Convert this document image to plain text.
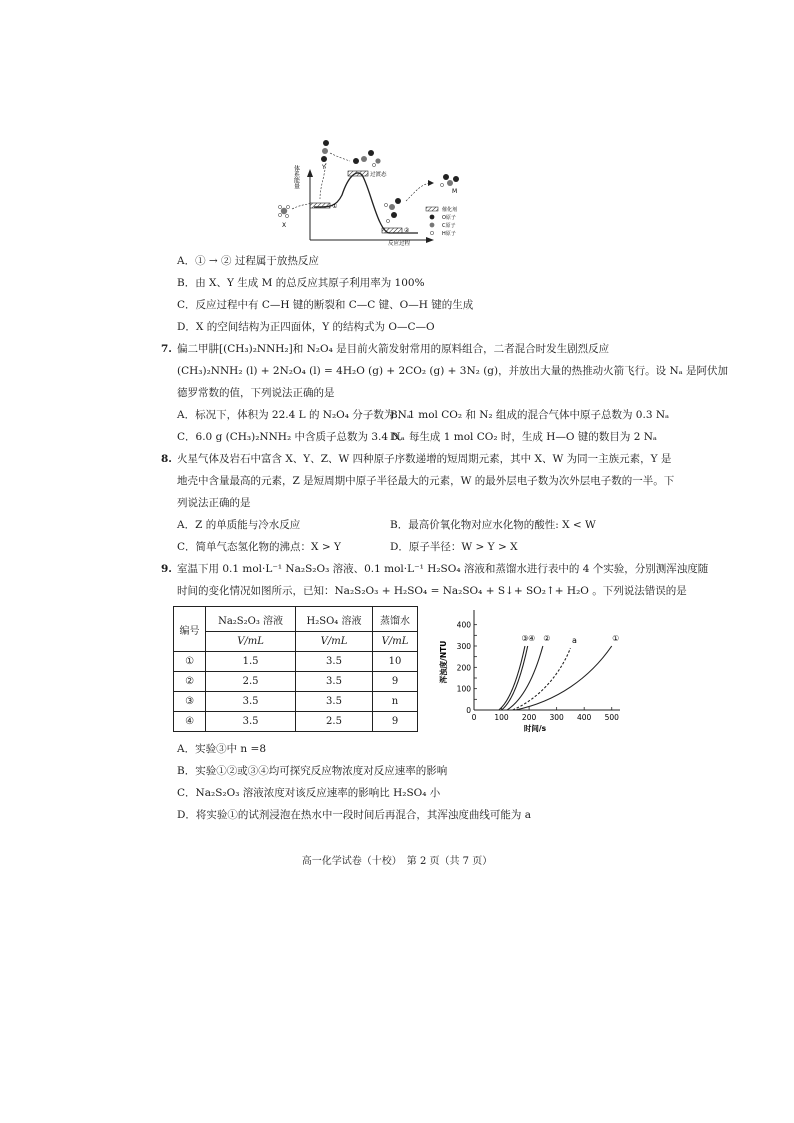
体系能量
反应过程
①
②
过渡态
X
Y
M
催化剂
O原子
C原子
H原子
A．① → ② 过程属于放热反应
B．由 X、Y 生成 M 的总反应其原子利用率为 100%
C．反应过程中有 C—H 键的断裂和 C—C 键、O—H 键的生成
D．X 的空间结构为正四面体，Y 的结构式为 O—C—O
7. 偏二甲肼[(CH₃)₂NNH₂]和 N₂O₄ 是目前火箭发射常用的原料组合，二者混合时发生剧烈反应
(CH₃)₂NNH₂ (l) + 2N₂O₄ (l) = 4H₂O (g) + 2CO₂ (g) + 3N₂ (g)，并放出大量的热推动火箭飞行。设 Nₐ 是阿伏加
德罗常数的值，下列说法正确的是
A．标况下，体积为 22.4 L 的 N₂O₄ 分子数为 Nₐ
B．1 mol CO₂ 和 N₂ 组成的混合气体中原子总数为 0.3 Nₐ
C．6.0 g (CH₃)₂NNH₂ 中含质子总数为 3.4 Nₐ
D．每生成 1 mol CO₂ 时，生成 H—O 键的数目为 2 Nₐ
8. 火星气体及岩石中富含 X、Y、Z、W 四种原子序数递增的短周期元素，其中 X、W 为同一主族元素，Y 是
地壳中含量最高的元素，Z 是短周期中原子半径最大的元素，W 的最外层电子数为次外层电子数的一半。下
列说法正确的是
A．Z 的单质能与冷水反应	B．最高价氧化物对应水化物的酸性: X < W
C．简单气态氢化物的沸点：X > Y	D．原子半径：W > Y > X
9. 室温下用 0.1 mol·L⁻¹ Na₂S₂O₃ 溶液、0.1 mol·L⁻¹ H₂SO₄ 溶液和蒸馏水进行表中的 4 个实验，分别测浑浊度随
时间的变化情况如图所示，已知：Na₂S₂O₃ + H₂SO₄ = Na₂SO₄ + S↓+ SO₂↑+ H₂O 。下列说法错误的是
编号	Na₂S₂O₃ 溶液	H₂SO₄ 溶液	蒸馏水
	V/mL	V/mL	V/mL
①	1.5	3.5	10
②	2.5	3.5	9
③	3.5	3.5	n
④	3.5	2.5	9
0
100
200
300
400
0 100 200 300 400 500
时间/s
浑浊度/NTU
③ ④ ②	a	①
A．实验③中 n =8
B．实验①②或③④均可探究反应物浓度对反应速率的影响
C．Na₂S₂O₃ 溶液浓度对该反应速率的影响比 H₂SO₄ 小
D．将实验①的试剂浸泡在热水中一段时间后再混合，其浑浊度曲线可能为 a
高一化学试卷（十校）　第 2 页（共 7 页）
